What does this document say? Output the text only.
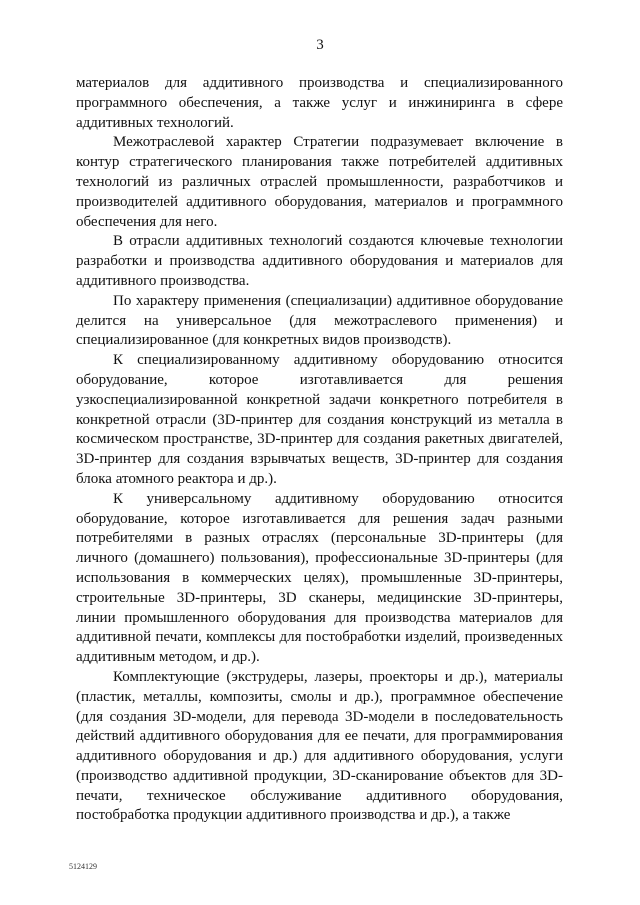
3

материалов для аддитивного производства и специализированного программного обеспечения, а также услуг и инжиниринга в сфере аддитивных технологий.

Межотраслевой характер Стратегии подразумевает включение в контур стратегического планирования также потребителей аддитивных технологий из различных отраслей промышленности, разработчиков и производителей аддитивного оборудования, материалов и программного обеспечения для него.

В отрасли аддитивных технологий создаются ключевые технологии разработки и производства аддитивного оборудования и материалов для аддитивного производства.

По характеру применения (специализации) аддитивное оборудование делится на универсальное (для межотраслевого применения) и специализированное (для конкретных видов производств).

К специализированному аддитивному оборудованию относится оборудование, которое изготавливается для решения узкоспециализированной конкретной задачи конкретного потребителя в конкретной отрасли (3D-принтер для создания конструкций из металла в космическом пространстве, 3D-принтер для создания ракетных двигателей, 3D-принтер для создания взрывчатых веществ, 3D-принтер для создания блока атомного реактора и др.).

К универсальному аддитивному оборудованию относится оборудование, которое изготавливается для решения задач разными потребителями в разных отраслях (персональные 3D-принтеры (для личного (домашнего) пользования), профессиональные 3D-принтеры (для использования в коммерческих целях), промышленные 3D-принтеры, строительные 3D-принтеры, 3D сканеры, медицинские 3D-принтеры, линии промышленного оборудования для производства материалов для аддитивной печати, комплексы для постобработки изделий, произведенных аддитивным методом, и др.).

Комплектующие (экструдеры, лазеры, проекторы и др.), материалы (пластик, металлы, композиты, смолы и др.), программное обеспечение (для создания 3D-модели, для перевода 3D-модели в последовательность действий аддитивного оборудования для ее печати, для программирования аддитивного оборудования и др.) для аддитивного оборудования, услуги (производство аддитивной продукции, 3D-сканирование объектов для 3D-печати, техническое обслуживание аддитивного оборудования, постобработка продукции аддитивного производства и др.), а также

5124129
